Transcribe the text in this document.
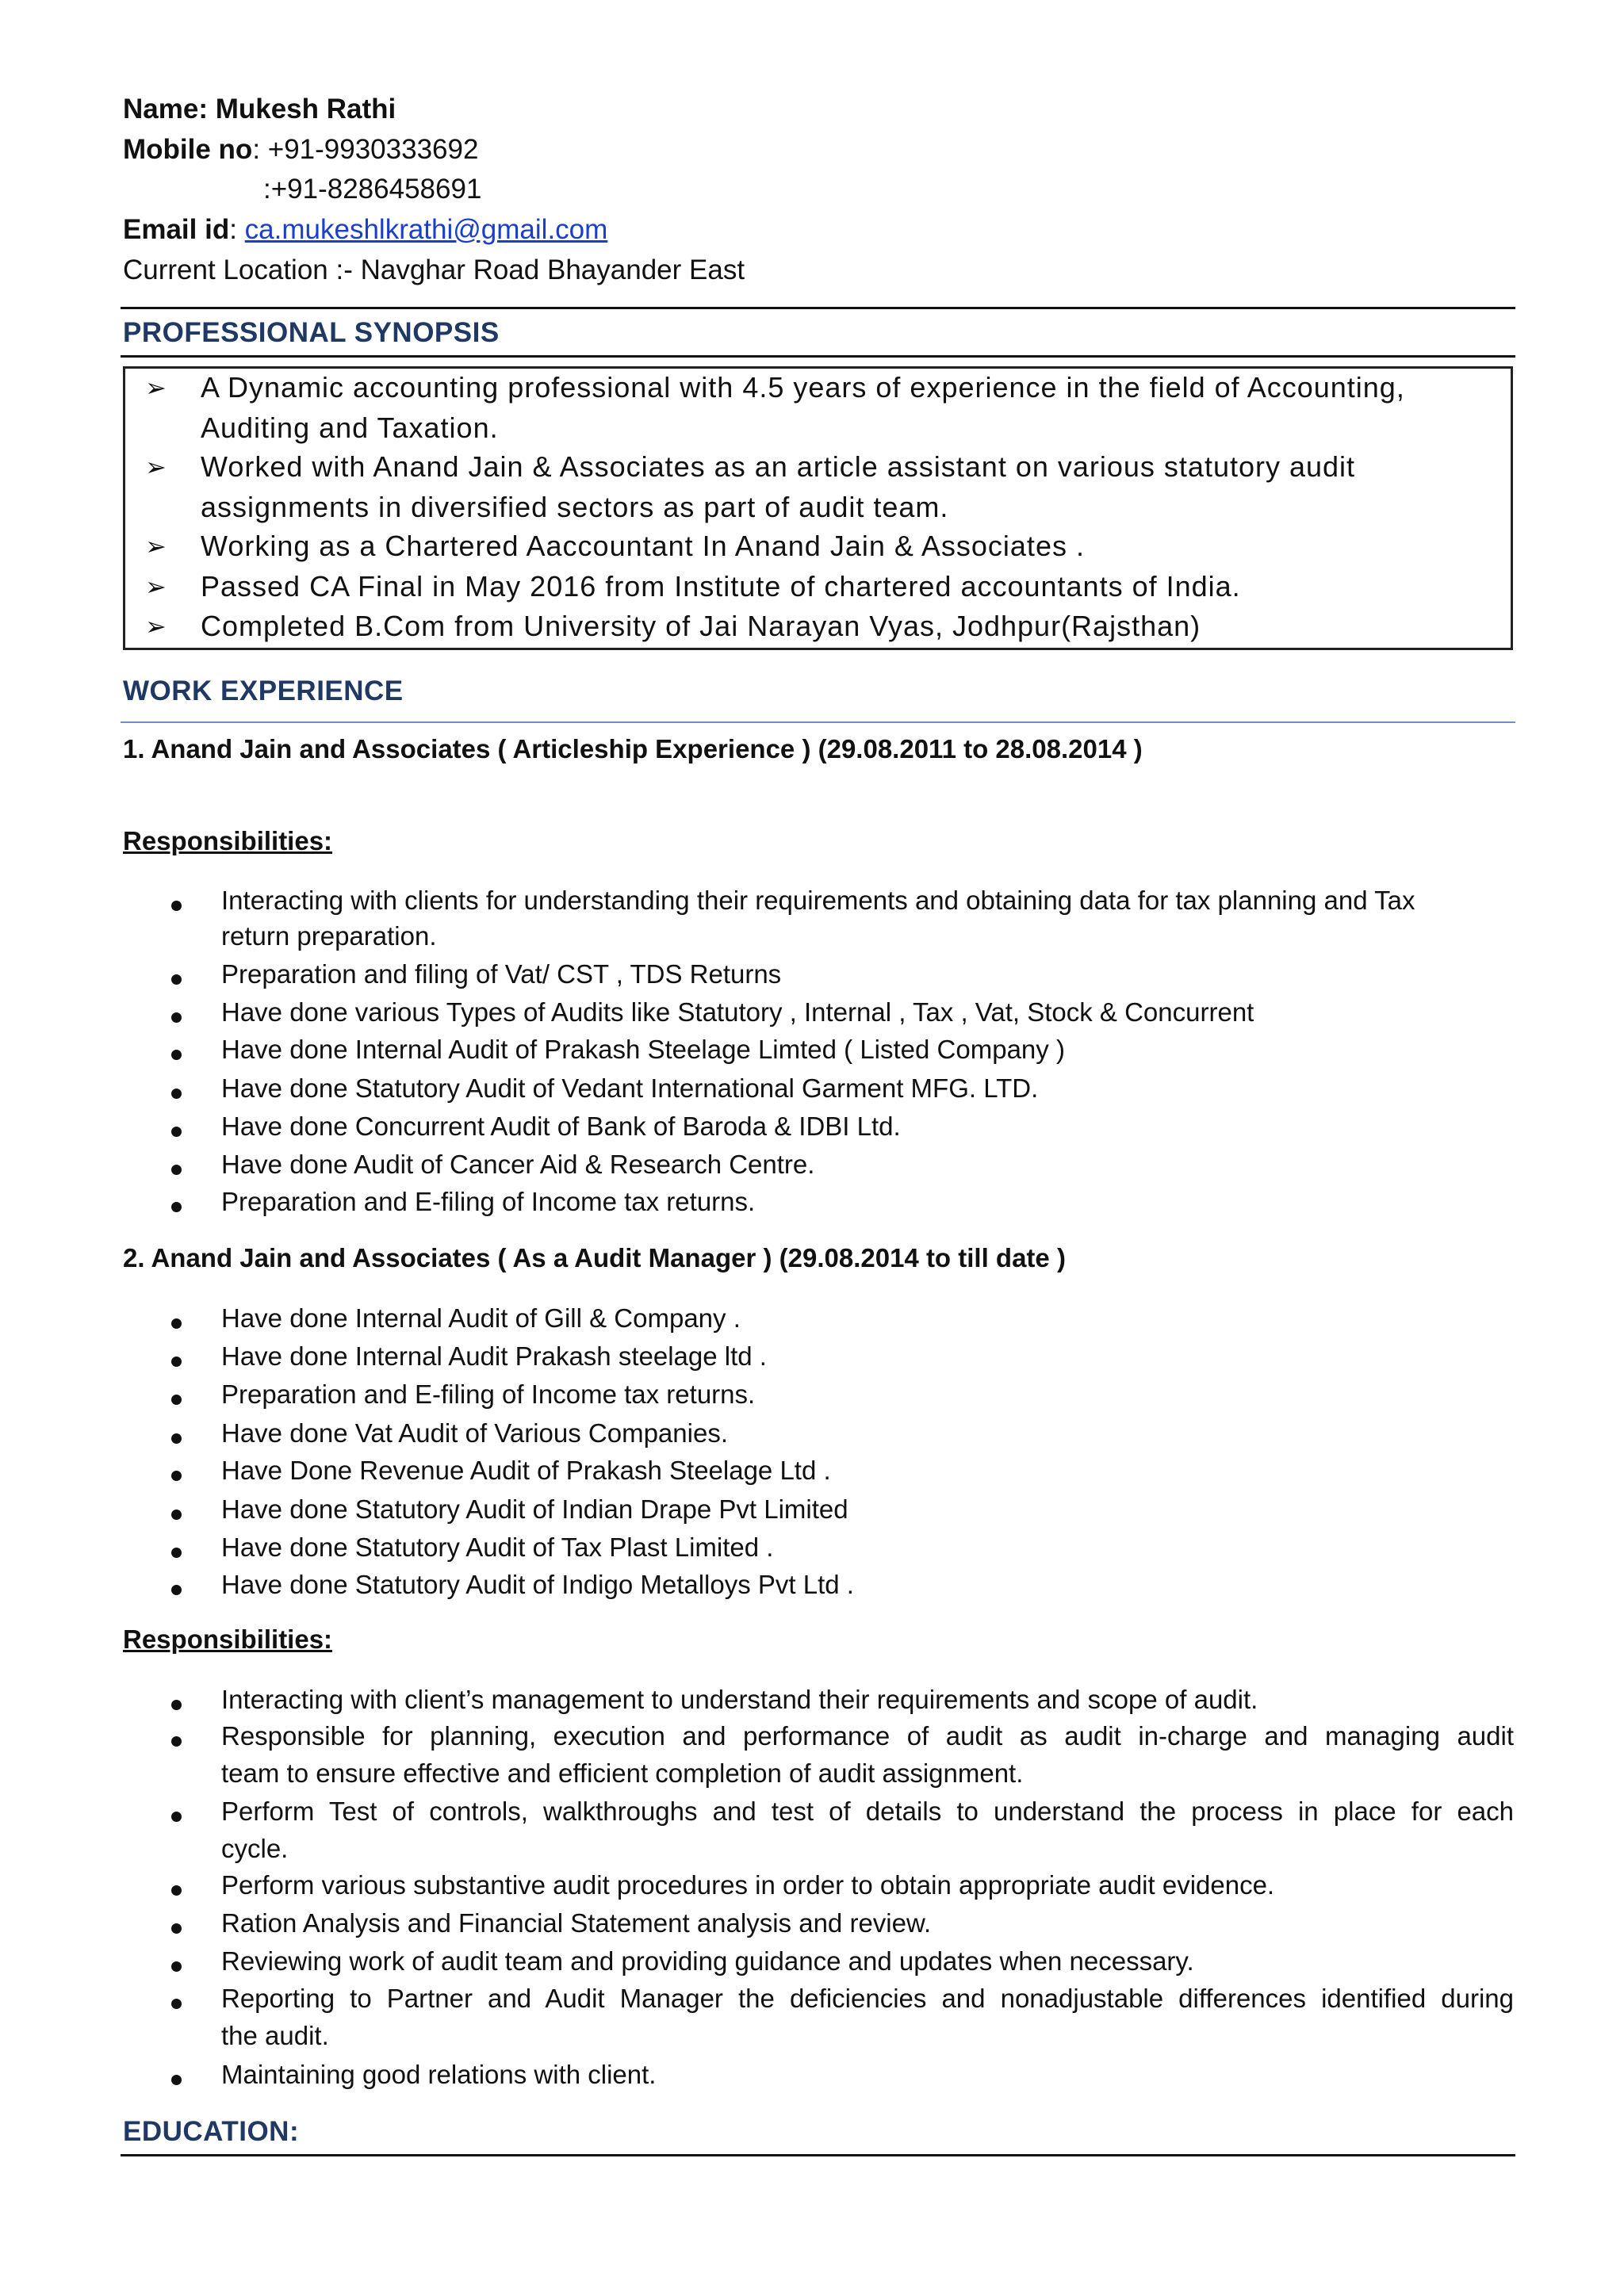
Name: Mukesh Rathi
Mobile no: +91-9930333692
:+91-8286458691
Email id: ca.mukeshlkrathi@gmail.com
Current Location :- Navghar Road Bhayander East
PROFESSIONAL SYNOPSIS
➢ A Dynamic accounting professional with 4.5 years of experience in the field of Accounting,
Auditing and Taxation.
➢ Worked with Anand Jain & Associates as an article assistant on various statutory audit
assignments in diversified sectors as part of audit team.
➢ Working as a Chartered Aaccountant In Anand Jain & Associates .
➢ Passed CA Final in May 2016 from Institute of chartered accountants of India.
➢ Completed B.Com from University of Jai Narayan Vyas, Jodhpur(Rajsthan)
WORK EXPERIENCE
1. Anand Jain and Associates ( Articleship Experience ) (29.08.2011 to 28.08.2014 )
Responsibilities:
Interacting with clients for understanding their requirements and obtaining data for tax planning and Tax
return preparation.
Preparation and filing of Vat/ CST , TDS Returns
Have done various Types of Audits like Statutory , Internal , Tax , Vat, Stock & Concurrent
Have done Internal Audit of Prakash Steelage Limted ( Listed Company )
Have done Statutory Audit of Vedant International Garment MFG. LTD.
Have done Concurrent Audit of Bank of Baroda & IDBI Ltd.
Have done Audit of Cancer Aid & Research Centre.
Preparation and E-filing of Income tax returns.
2. Anand Jain and Associates ( As a Audit Manager ) (29.08.2014 to till date )
Have done Internal Audit of Gill & Company .
Have done Internal Audit Prakash steelage ltd .
Preparation and E-filing of Income tax returns.
Have done Vat Audit of Various Companies.
Have Done Revenue Audit of Prakash Steelage Ltd .
Have done Statutory Audit of Indian Drape Pvt Limited
Have done Statutory Audit of Tax Plast Limited .
Have done Statutory Audit of Indigo Metalloys Pvt Ltd .
Responsibilities:
Interacting with client’s management to understand their requirements and scope of audit.
Responsible for planning, execution and performance of audit as audit in-charge and managing audit
team to ensure effective and efficient completion of audit assignment.
Perform Test of controls, walkthroughs and test of details to understand the process in place for each
cycle.
Perform various substantive audit procedures in order to obtain appropriate audit evidence.
Ration Analysis and Financial Statement analysis and review.
Reviewing work of audit team and providing guidance and updates when necessary.
Reporting to Partner and Audit Manager the deficiencies and nonadjustable differences identified during
the audit.
Maintaining good relations with client.
EDUCATION:
